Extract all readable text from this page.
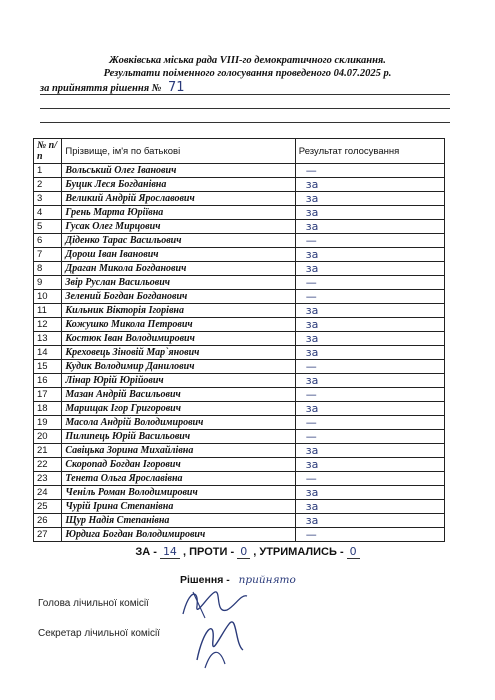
Жовківська міська рада VIII-го демократичного скликання.
Результати поіменного голосування проведеного 04.07.2025 р.
за прийняття рішення № 71
№ п/п	Прізвище, ім'я по батькові	Результат голосування
1	Вольський Олег Іванович	—
2	Буцик Леся Богданівна	за
3	Великий Андрій Ярославович	за
4	Грень Марта Юріївна	за
5	Гусак Олег Мирцович	за
6	Діденко Тарас Васильович	—
7	Дорош Іван Іванович	за
8	Драган Микола Богданович	за
9	Звір Руслан Васильович	—
10	Зелений Богдан Богданович	—
11	Кильник Вікторія Ігорівна	за
12	Кожушко Микола Петрович	за
13	Костюк Іван Володимирович	за
14	Креховець Зіновій Мар`янович	за
15	Кудик Володимир Данилович	—
16	Лінар Юрій Юрійович	за
17	Мазан Андрій Васильович	—
18	Марищак Ігор Григорович	за
19	Масола Андрій Володимирович	—
20	Пилипець Юрій Васильович	—
21	Савіцька Зорина Михайлівна	за
22	Скоропад Богдан Ігорович	за
23	Тенета Ольга Ярославівна	—
24	Ченіль Роман Володимирович	за
25	Чурій Ірина Степанівна	за
26	Щур Надія Степанівна	за
27	Юрдига Богдан Володимирович	—
ЗА - 14 , ПРОТИ - 0 , УТРИМАЛИСЬ - 0
Рішення - прийнято
Голова лічильної комісії
Секретар лічильної комісії
